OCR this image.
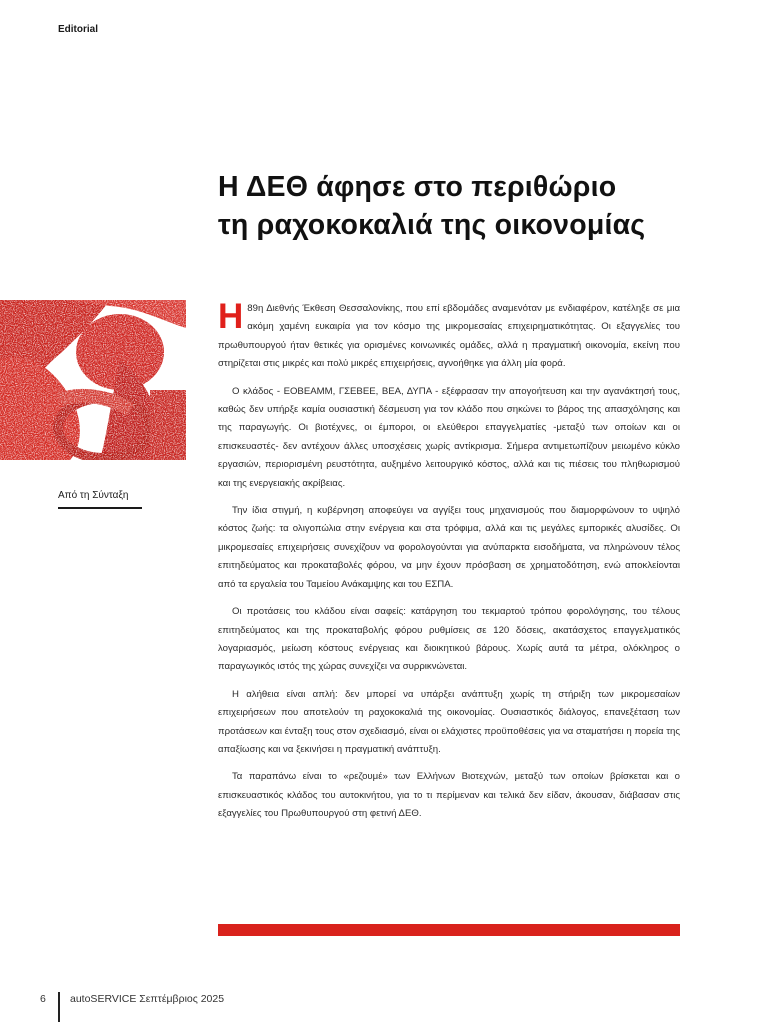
Editorial
Η ΔΕΘ άφησε στο περιθώριο
τη ραχοκοκαλιά της οικονομίας
Από τη Σύνταξη

Η 89η Διεθνής Έκθεση Θεσσαλονίκης, που επί εβδομάδες αναμενόταν με ενδιαφέρον, κατέληξε σε μια ακόμη χαμένη ευκαιρία για τον κόσμο της μικρομεσαίας επιχειρηματικότητας. Οι εξαγγελίες του πρωθυπουργού ήταν θετικές για ορισμένες κοινωνικές ομάδες, αλλά η πραγματική οικονομία, εκείνη που στηρίζεται στις μικρές και πολύ μικρές επιχειρήσεις, αγνοήθηκε για άλλη μία φορά.

Ο κλάδος - ΕΟΒΕΑΜΜ, ΓΣΕΒΕΕ, ΒΕΑ, ΔΥΠΑ - εξέφρασαν την απογοήτευση και την αγανάκτησή τους, καθώς δεν υπήρξε καμία ουσιαστική δέσμευση για τον κλάδο που σηκώνει το βάρος της απασχόλησης και της παραγωγής. Οι βιοτέχνες, οι έμποροι, οι ελεύθεροι επαγγελματίες -μεταξύ των οποίων και οι επισκευαστές- δεν αντέχουν άλλες υποσχέσεις χωρίς αντίκρισμα. Σήμερα αντιμετωπίζουν μειωμένο κύκλο εργασιών, περιορισμένη ρευστότητα, αυξημένο λειτουργικό κόστος, αλλά και τις πιέσεις του πληθωρισμού και της ενεργειακής ακρίβειας.

Την ίδια στιγμή, η κυβέρνηση αποφεύγει να αγγίξει τους μηχανισμούς που διαμορφώνουν το υψηλό κόστος ζωής: τα ολιγοπώλια στην ενέργεια και στα τρόφιμα, αλλά και τις μεγάλες εμπορικές αλυσίδες. Οι μικρομεσαίες επιχειρήσεις συνεχίζουν να φορολογούνται για ανύπαρκτα εισοδήματα, να πληρώνουν τέλος επιτηδεύματος και προκαταβολές φόρου, να μην έχουν πρόσβαση σε χρηματοδότηση, ενώ αποκλείονται από τα εργαλεία του Ταμείου Ανάκαμψης και του ΕΣΠΑ.

Οι προτάσεις του κλάδου είναι σαφείς: κατάργηση του τεκμαρτού τρόπου φορολόγησης, του τέλους επιτηδεύματος και της προκαταβολής φόρου ρυθμίσεις σε 120 δόσεις, ακατάσχετος επαγγελματικός λογαριασμός, μείωση κόστους ενέργειας και διοικητικού βάρους. Χωρίς αυτά τα μέτρα, ολόκληρος ο παραγωγικός ιστός της χώρας συνεχίζει να συρρικνώνεται.

Η αλήθεια είναι απλή: δεν μπορεί να υπάρξει ανάπτυξη χωρίς τη στήριξη των μικρομεσαίων επιχειρήσεων που αποτελούν τη ραχοκοκαλιά της οικονομίας. Ουσιαστικός διάλογος, επανεξέταση των προτάσεων και ένταξη τους στον σχεδιασμό, είναι οι ελάχιστες προϋποθέσεις για να σταματήσει η πορεία της απαξίωσης και να ξεκινήσει η πραγματική ανάπτυξη.

Τα παραπάνω είναι το «ρεζουμέ» των Ελλήνων Βιοτεχνών, μεταξύ των οποίων βρίσκεται και ο επισκευαστικός κλάδος του αυτοκινήτου, για το τι περίμεναν και τελικά δεν είδαν, άκουσαν, διάβασαν στις εξαγγελίες του Πρωθυπουργού στη φετινή ΔΕΘ.

6 autoSERVICE Σεπτέμβριος 2025
